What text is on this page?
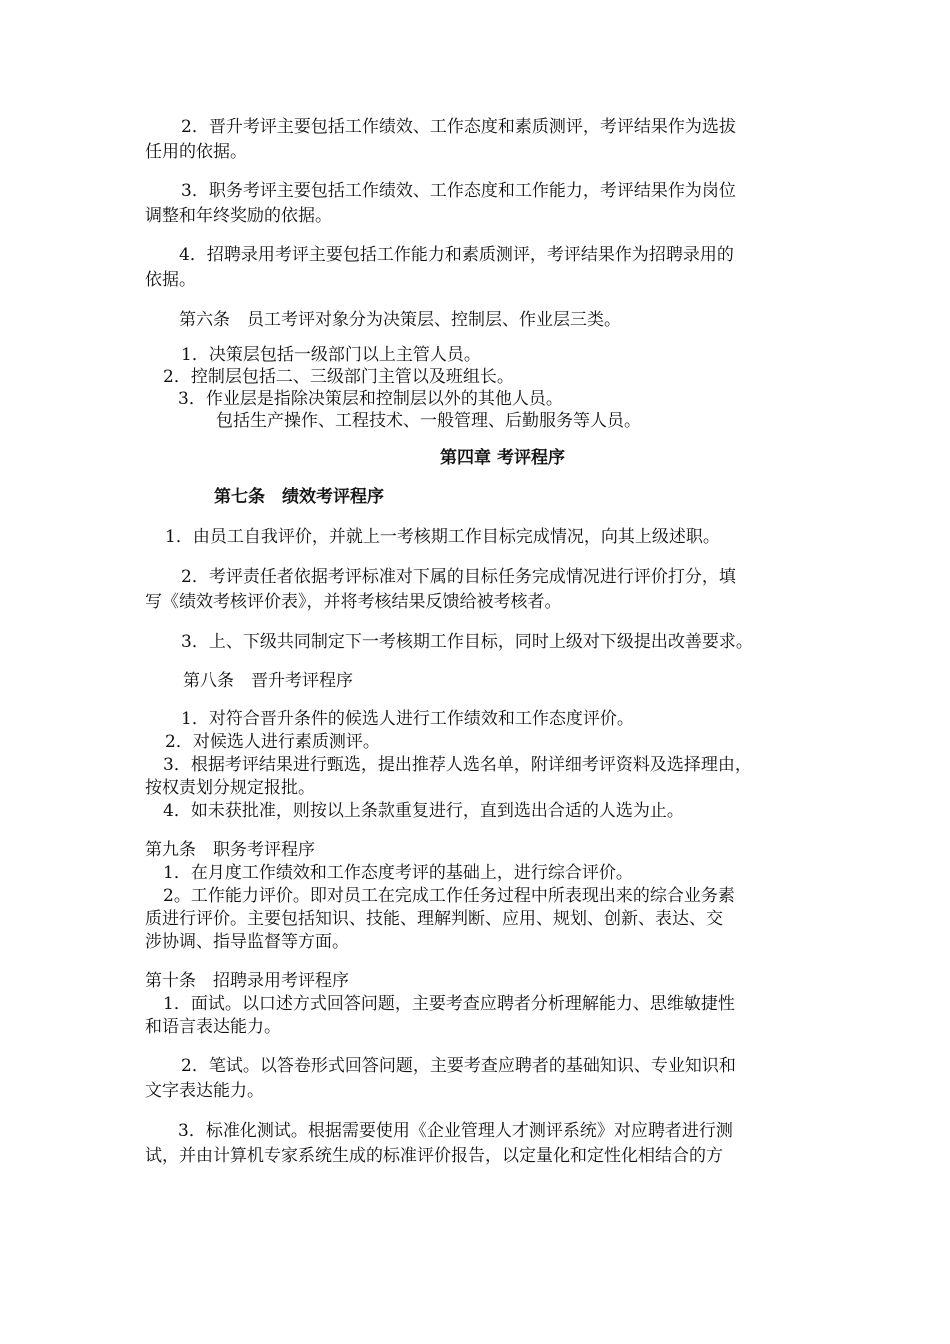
2．晋升考评主要包括工作绩效、工作态度和素质测评，考评结果作为选拔
任用的依据。
3．职务考评主要包括工作绩效、工作态度和工作能力，考评结果作为岗位
调整和年终奖励的依据。
4．招聘录用考评主要包括工作能力和素质测评，考评结果作为招聘录用的
依据。
第六条　员工考评对象分为决策层、控制层、作业层三类。
1．决策层包括一级部门以上主管人员。
2．控制层包括二、三级部门主管以及班组长。
3．作业层是指除决策层和控制层以外的其他人员。
包括生产操作、工程技术、一般管理、后勤服务等人员。
第四章 考评程序
第七条　绩效考评程序
1．由员工自我评价，并就上一考核期工作目标完成情况，向其上级述职。
2．考评责任者依据考评标准对下属的目标任务完成情况进行评价打分，填
写《绩效考核评价表》，并将考核结果反馈给被考核者。
3．上、下级共同制定下一考核期工作目标，同时上级对下级提出改善要求。
第八条　晋升考评程序
1．对符合晋升条件的候选人进行工作绩效和工作态度评价。
2．对候选人进行素质测评。
3．根据考评结果进行甄选，提出推荐人选名单，附详细考评资料及选择理由，
按权责划分规定报批。
4．如未获批准，则按以上条款重复进行，直到选出合适的人选为止。
第九条　职务考评程序
1．在月度工作绩效和工作态度考评的基础上，进行综合评价。
2。工作能力评价。即对员工在完成工作任务过程中所表现出来的综合业务素
质进行评价。主要包括知识、技能、理解判断、应用、规划、创新、表达、交
涉协调、指导监督等方面。
第十条　招聘录用考评程序
1．面试。以口述方式回答问题，主要考查应聘者分析理解能力、思维敏捷性
和语言表达能力。
2．笔试。以答卷形式回答问题，主要考查应聘者的基础知识、专业知识和
文字表达能力。
3．标准化测试。根据需要使用《企业管理人才测评系统》对应聘者进行测
试，并由计算机专家系统生成的标准评价报告，以定量化和定性化相结合的方
